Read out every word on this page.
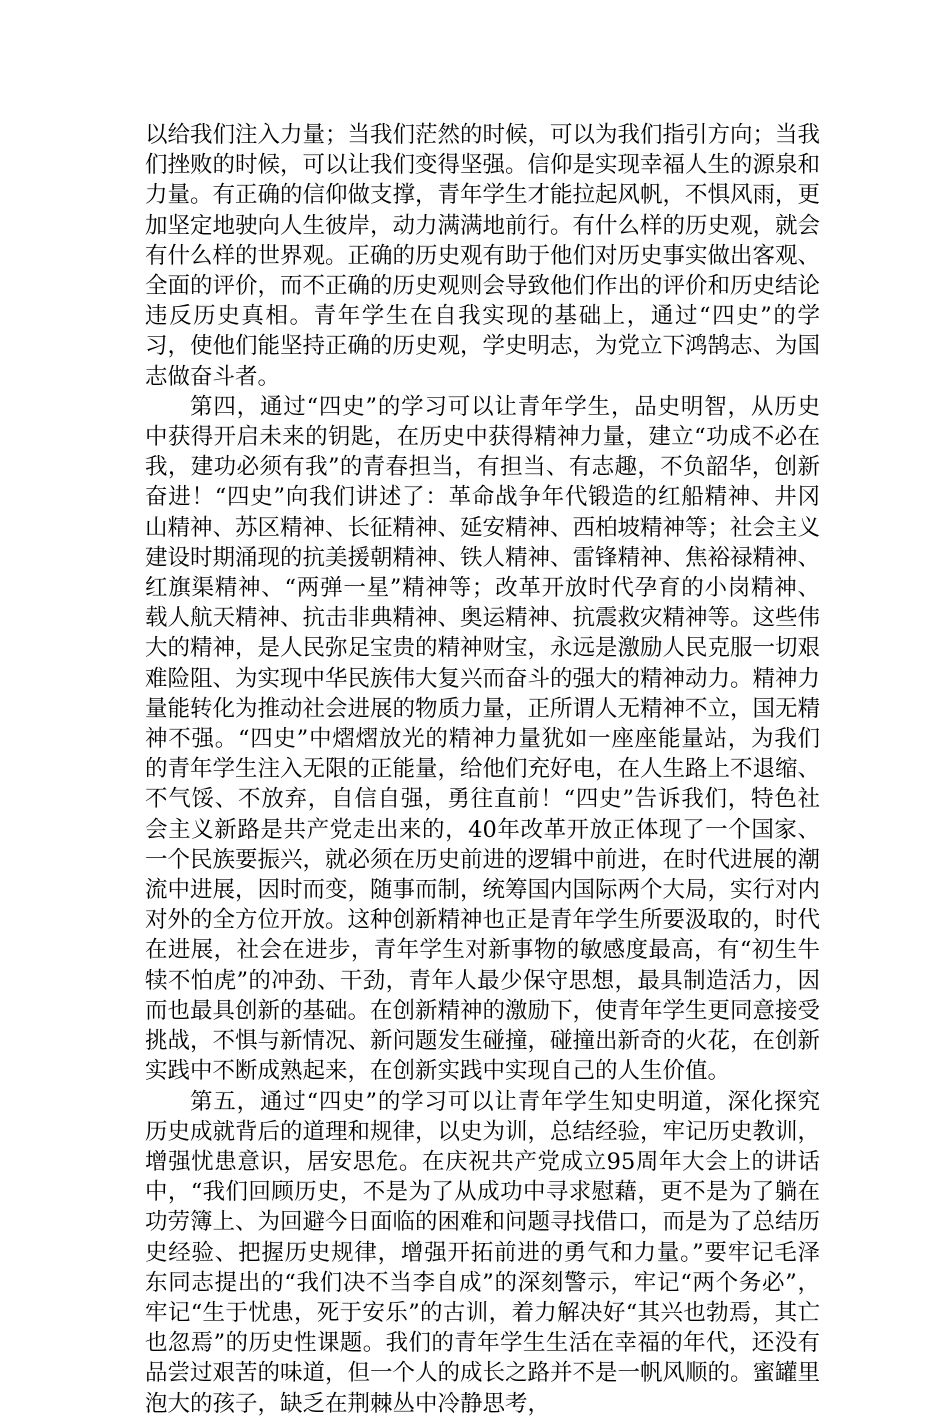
以给我们注入力量；当我们茫然的时候，可以为我们指引方向；当我们挫败的时候，可以让我们变得坚强。信仰是实现幸福人生的源泉和力量。有正确的信仰做支撑，青年学生才能拉起风帆，不惧风雨，更加坚定地驶向人生彼岸，动力满满地前行。有什么样的历史观，就会有什么样的世界观。正确的历史观有助于他们对历史事实做出客观、全面的评价，而不正确的历史观则会导致他们作出的评价和历史结论违反历史真相。青年学生在自我实现的基础上，通过“四史”的学习，使他们能坚持正确的历史观，学史明志，为党立下鸿鹄志、为国志做奋斗者。

第四，通过“四史”的学习可以让青年学生，品史明智，从历史中获得开启未来的钥匙，在历史中获得精神力量，建立“功成不必在我，建功必须有我”的青春担当，有担当、有志趣，不负韶华，创新奋进！“四史”向我们讲述了：革命战争年代锻造的红船精神、井冈山精神、苏区精神、长征精神、延安精神、西柏坡精神等；社会主义建设时期涌现的抗美援朝精神、铁人精神、雷锋精神、焦裕禄精神、红旗渠精神、“两弹一星”精神等；改革开放时代孕育的小岗精神、载人航天精神、抗击非典精神、奥运精神、抗震救灾精神等。这些伟大的精神，是人民弥足宝贵的精神财宝，永远是激励人民克服一切艰难险阻、为实现中华民族伟大复兴而奋斗的强大的精神动力。精神力量能转化为推动社会进展的物质力量，正所谓人无精神不立，国无精神不强。“四史”中熠熠放光的精神力量犹如一座座能量站，为我们的青年学生注入无限的正能量，给他们充好电，在人生路上不退缩、不气馁、不放弃，自信自强，勇往直前！“四史”告诉我们，特色社会主义新路是共产党走出来的，40年改革开放正体现了一个国家、一个民族要振兴，就必须在历史前进的逻辑中前进，在时代进展的潮流中进展，因时而变，随事而制，统筹国内国际两个大局，实行对内对外的全方位开放。这种创新精神也正是青年学生所要汲取的，时代在进展，社会在进步，青年学生对新事物的敏感度最高，有“初生牛犊不怕虎”的冲劲、干劲，青年人最少保守思想，最具制造活力，因而也最具创新的基础。在创新精神的激励下，使青年学生更同意接受挑战，不惧与新情况、新问题发生碰撞，碰撞出新奇的火花，在创新实践中不断成熟起来，在创新实践中实现自己的人生价值。

第五，通过“四史”的学习可以让青年学生知史明道，深化探究历史成就背后的道理和规律，以史为训，总结经验，牢记历史教训，增强忧患意识，居安思危。在庆祝共产党成立95周年大会上的讲话中，“我们回顾历史，不是为了从成功中寻求慰藉，更不是为了躺在功劳簿上、为回避今日面临的困难和问题寻找借口，而是为了总结历史经验、把握历史规律，增强开拓前进的勇气和力量。”要牢记毛泽东同志提出的“我们决不当李自成”的深刻警示，牢记“两个务必”，牢记“生于忧患，死于安乐”的古训，着力解决好“其兴也勃焉，其亡也忽焉”的历史性课题。我们的青年学生生活在幸福的年代，还没有品尝过艰苦的味道，但一个人的成长之路并不是一帆风顺的。蜜罐里泡大的孩子，缺乏在荆棘丛中冷静思考，
